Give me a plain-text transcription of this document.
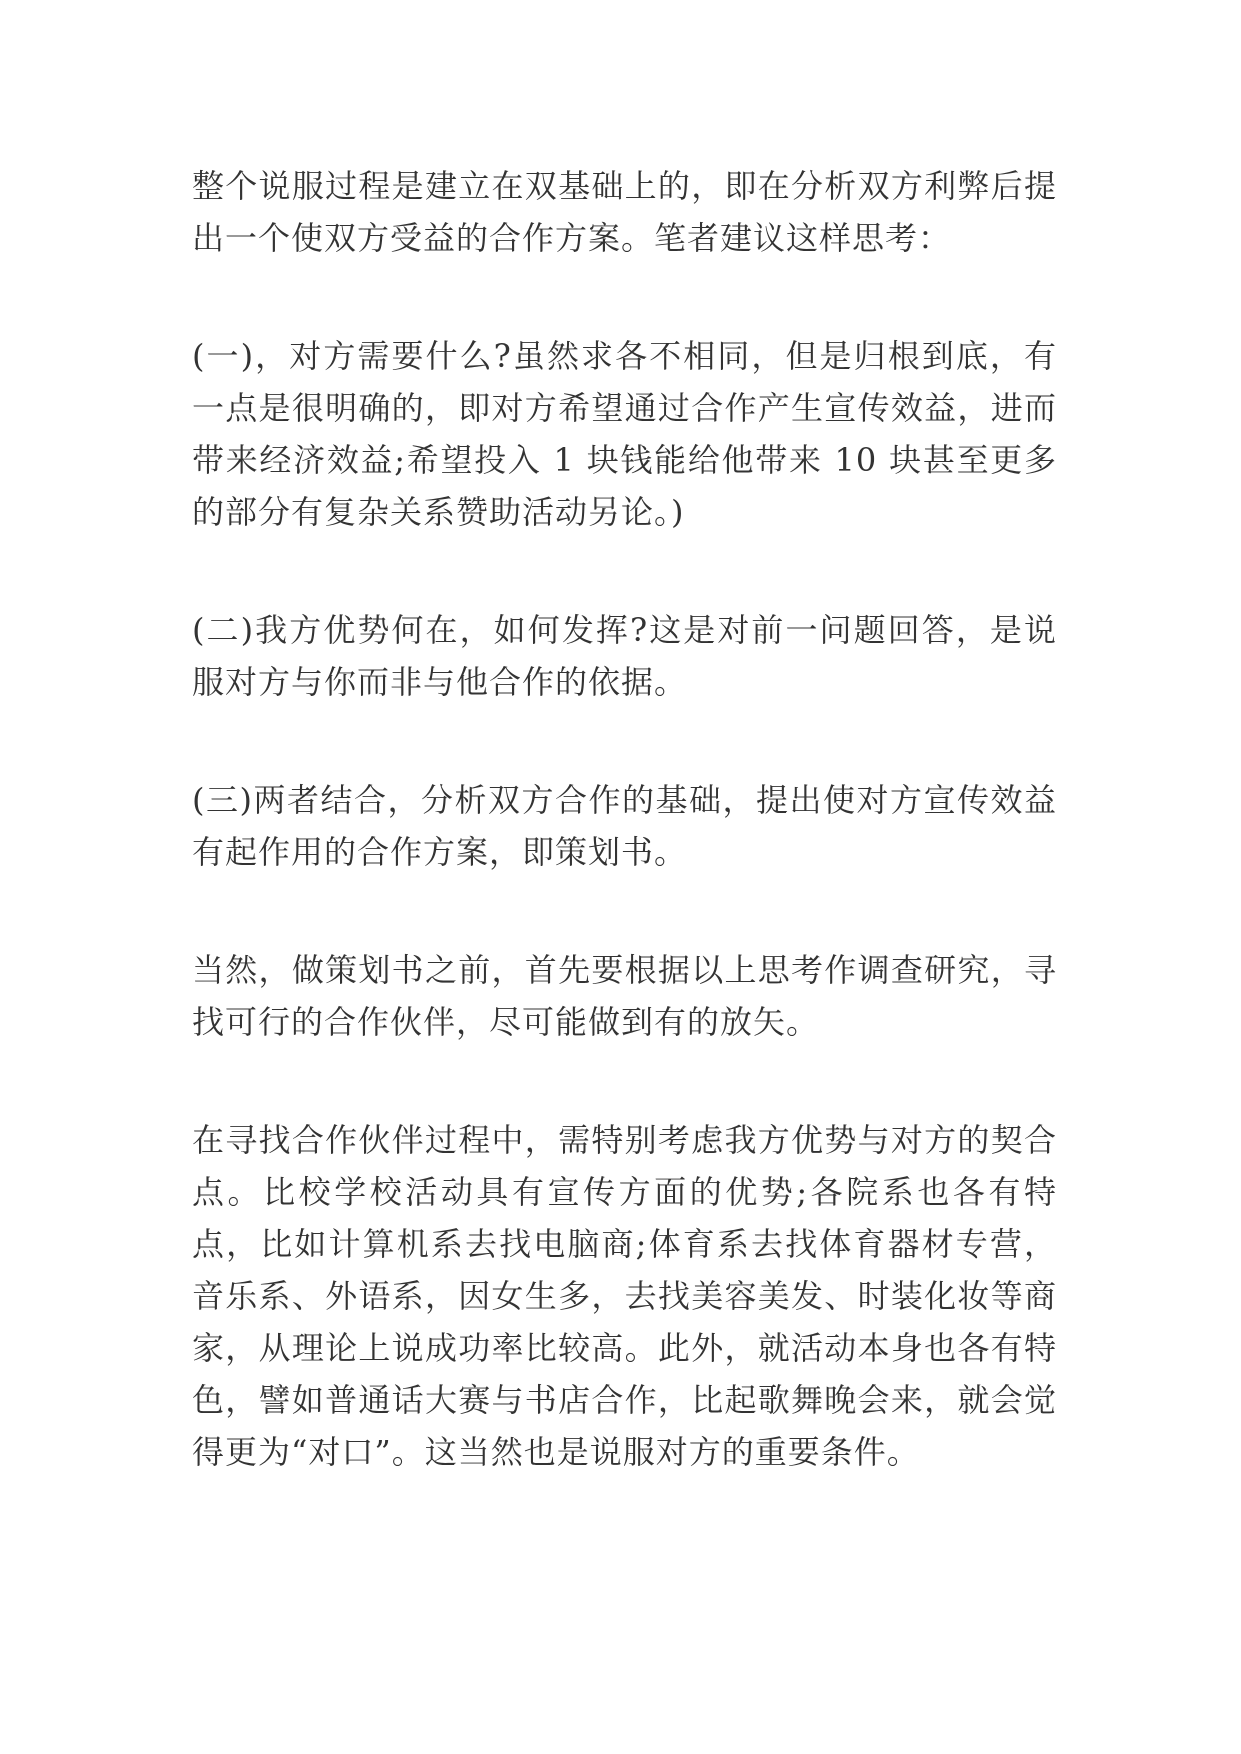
整个说服过程是建立在双基础上的，即在分析双方利弊后提出一个使双方受益的合作方案。笔者建议这样思考：

(一)，对方需要什么?虽然求各不相同，但是归根到底，有一点是很明确的，即对方希望通过合作产生宣传效益，进而带来经济效益;希望投入 1 块钱能给他带来 10 块甚至更多的部分有复杂关系赞助活动另论。)

(二)我方优势何在，如何发挥?这是对前一问题回答，是说服对方与你而非与他合作的依据。

(三)两者结合，分析双方合作的基础，提出使对方宣传效益有起作用的合作方案，即策划书。

当然，做策划书之前，首先要根据以上思考作调查研究，寻找可行的合作伙伴，尽可能做到有的放矢。

在寻找合作伙伴过程中，需特别考虑我方优势与对方的契合点。比校学校活动具有宣传方面的优势;各院系也各有特点，比如计算机系去找电脑商;体育系去找体育器材专营，音乐系、外语系，因女生多，去找美容美发、时装化妆等商家，从理论上说成功率比较高。此外，就活动本身也各有特色，譬如普通话大赛与书店合作，比起歌舞晚会来，就会觉得更为“对口”。这当然也是说服对方的重要条件。
